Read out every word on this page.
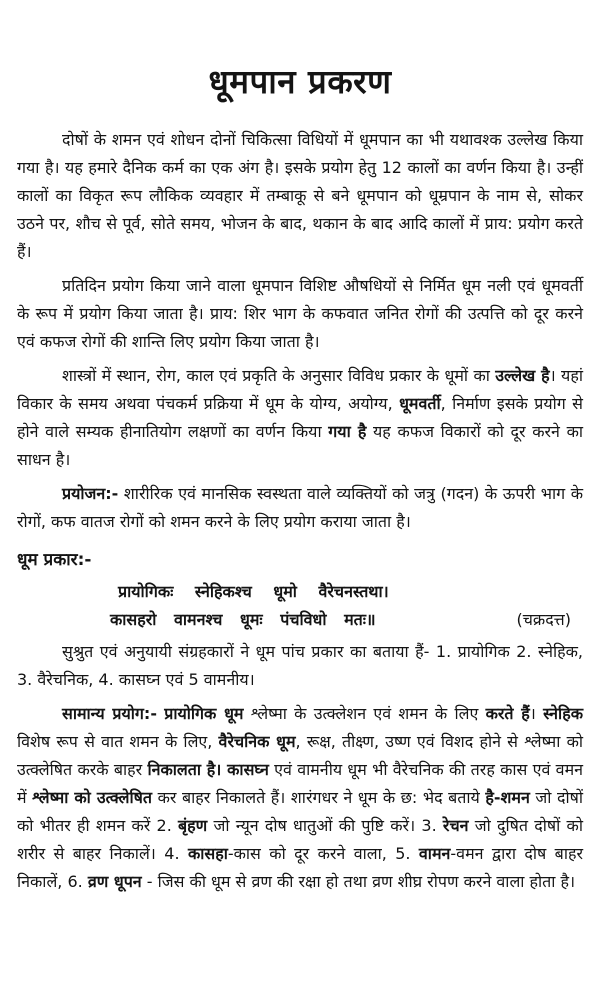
धूमपान प्रकरण

दोषों के शमन एवं शोधन दोनों चिकित्सा विधियों में धूमपान का भी यथावश्क उल्लेख किया गया है। यह हमारे दैनिक कर्म का एक अंग है। इसके प्रयोग हेतु 12 कालों का वर्णन किया है। उन्हीं कालों का विकृत रूप लौकिक व्यवहार में तम्बाकू से बने धूमपान को धूम्रपान के नाम से, सोकर उठने पर, शौच से पूर्व, सोते समय, भोजन के बाद, थकान के बाद आदि कालों में प्राय: प्रयोग करते हैं।

प्रतिदिन प्रयोग किया जाने वाला धूमपान विशिष्ट औषधियों से निर्मित धूम नली एवं धूमवर्ती के रूप में प्रयोग किया जाता है। प्राय: शिर भाग के कफवात जनित रोगों की उत्पत्ति को दूर करने एवं कफज रोगों की शान्ति लिए प्रयोग किया जाता है।

शास्त्रों में स्थान, रोग, काल एवं प्रकृति के अनुसार विविध प्रकार के धूमों का उल्लेख है। यहां विकार के समय अथवा पंचकर्म प्रक्रिया में धूम के योग्य, अयोग्य, धूमवर्ती, निर्माण इसके प्रयोग से होने वाले सम्यक हीनातियोग लक्षणों का वर्णन किया गया है यह कफज विकारों को दूर करने का साधन है।

प्रयोजन:- शारीरिक एवं मानसिक स्वस्थता वाले व्यक्तियों को जत्रु (गदन) के ऊपरी भाग के रोगों, कफ वातज रोगों को शमन करने के लिए प्रयोग कराया जाता है।

धूम प्रकार:-
प्रायोगिकः स्नेहिकश्च धूमो वैरेचनस्तथा।
कासहरो वामनश्च धूमः पंचविधो मतः॥	(चक्रदत्त)

सुश्रुत एवं अनुयायी संग्रहकारों ने धूम पांच प्रकार का बताया हैं- 1. प्रायोगिक 2. स्नेहिक, 3. वैरेचनिक, 4. कासघ्न एवं 5 वामनीय।

सामान्य प्रयोग:- प्रायोगिक धूम श्लेष्मा के उत्क्लेशन एवं शमन के लिए करते हैं। स्नेहिक विशेष रूप से वात शमन के लिए, वैरेचनिक धूम, रूक्ष, तीक्ष्ण, उष्ण एवं विशद होने से श्लेष्मा को उत्क्लेषित करके बाहर निकालता है। कासघ्न एवं वामनीय धूम भी वैरेचनिक की तरह कास एवं वमन में श्लेष्मा को उत्क्लेषित कर बाहर निकालते हैं। शारंगधर ने धूम के छ: भेद बताये है-शमन जो दोषों को भीतर ही शमन करें 2. बृंहण जो न्यून दोष धातुओं की पुष्टि करें। 3. रेचन जो दुषित दोषों को शरीर से बाहर निकालें। 4. कासहा-कास को दूर करने वाला, 5. वामन-वमन द्वारा दोष बाहर निकालें, 6. व्रण धूपन - जिस की धूम से व्रण की रक्षा हो तथा व्रण शीघ्र रोपण करने वाला होता है।
